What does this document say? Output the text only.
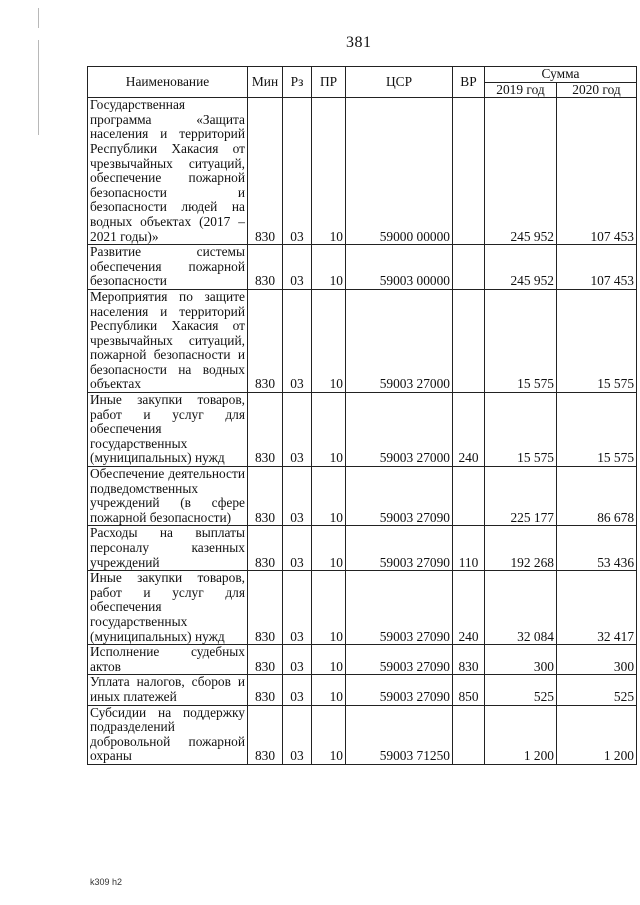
381
Наименование	Мин	Рз	ПР	ЦСР	ВР	Сумма	
						2019 год	2020 год
Государственная программа «Защита населения и территорий Республики Хакасия от чрезвычайных ситуаций, обеспечение пожарной безопасности и безопасности людей на водных объектах (2017 – 2021 годы)»	830	03	10	59000 00000		245 952	107 453
Развитие системы обеспечения пожарной безопасности	830	03	10	59003 00000		245 952	107 453
Мероприятия по защите населения и территорий Республики Хакасия от чрезвычайных ситуаций, пожарной безопасности и безопасности на водных объектах	830	03	10	59003 27000		15 575	15 575
Иные закупки товаров, работ и услуг для обеспечения государственных (муниципальных) нужд	830	03	10	59003 27000	240	15 575	15 575
Обеспечение деятельности подведомственных учреждений (в сфере пожарной безопасности)	830	03	10	59003 27090		225 177	86 678
Расходы на выплаты персоналу казенных учреждений	830	03	10	59003 27090	110	192 268	53 436
Иные закупки товаров, работ и услуг для обеспечения государственных (муниципальных) нужд	830	03	10	59003 27090	240	32 084	32 417
Исполнение судебных актов	830	03	10	59003 27090	830	300	300
Уплата налогов, сборов и иных платежей	830	03	10	59003 27090	850	525	525
Субсидии на поддержку подразделений добровольной пожарной охраны	830	03	10	59003 71250		1 200	1 200
k309 h2
